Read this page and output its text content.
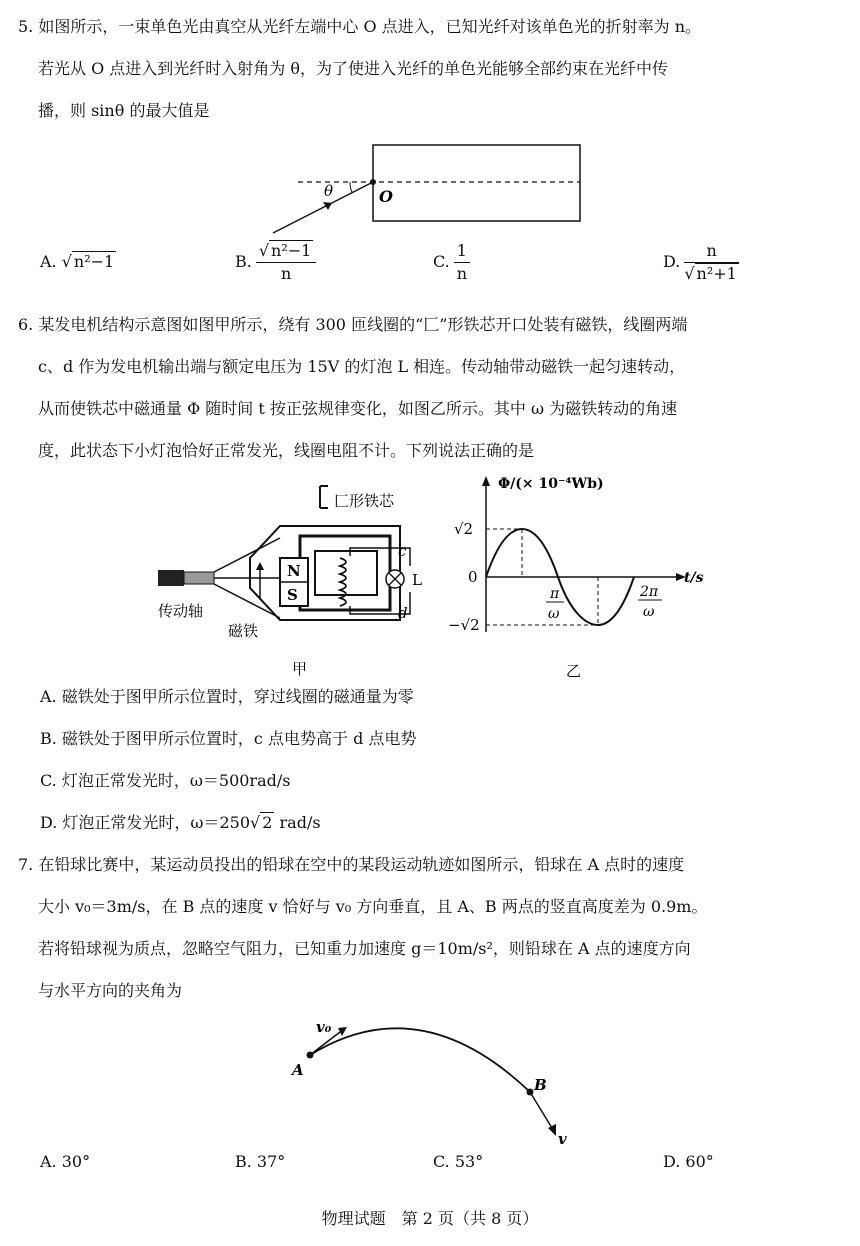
5. 如图所示，一束单色光由真空从光纤左端中心 O 点进入，已知光纤对该单色光的折射率为 n。
若光从 O 点进入到光纤时入射角为 θ，为了使进入光纤的单色光能够全部约束在光纤中传
播，则 sinθ 的最大值是
θ	O
A. √ n²−1	B. $\frac{\text{√ n²−1}}{n}$	C. $\frac{1}{n}$	D. $\frac{n}{\text{√ n²+1}}$
6. 某发电机结构示意图如图甲所示，绕有 300 匝线圈的“匚”形铁芯开口处装有磁铁，线圈两端
c、d 作为发电机输出端与额定电压为 15V 的灯泡 L 相连。传动轴带动磁铁一起匀速转动，
从而使铁芯中磁通量 Φ 随时间 t 按正弦规律变化，如图乙所示。其中 ω 为磁铁转动的角速
度，此状态下小灯泡恰好正常发光，线圈电阻不计。下列说法正确的是
匚形铁芯
N
S
c
d
L
传动轴
磁铁
甲
Φ/(× 10⁻⁴Wb)
t/s
√2
0
−√2
π
ω
2π
ω
乙
A. 磁铁处于图甲所示位置时，穿过线圈的磁通量为零
B. 磁铁处于图甲所示位置时，c 点电势高于 d 点电势
C. 灯泡正常发光时，ω＝500rad/s
D. 灯泡正常发光时，ω＝250√ 2 rad/s
7. 在铅球比赛中，某运动员投出的铅球在空中的某段运动轨迹如图所示，铅球在 A 点时的速度
大小 v₀＝3m/s，在 B 点的速度 v 恰好与 v₀ 方向垂直，且 A、B 两点的竖直高度差为 0.9m。
若将铅球视为质点，忽略空气阻力，已知重力加速度 g＝10m/s²，则铅球在 A 点的速度方向
与水平方向的夹角为
v₀
A
B
v
A. 30°	B. 37°	C. 53°	D. 60°
物理试题　第 2 页（共 8 页）
